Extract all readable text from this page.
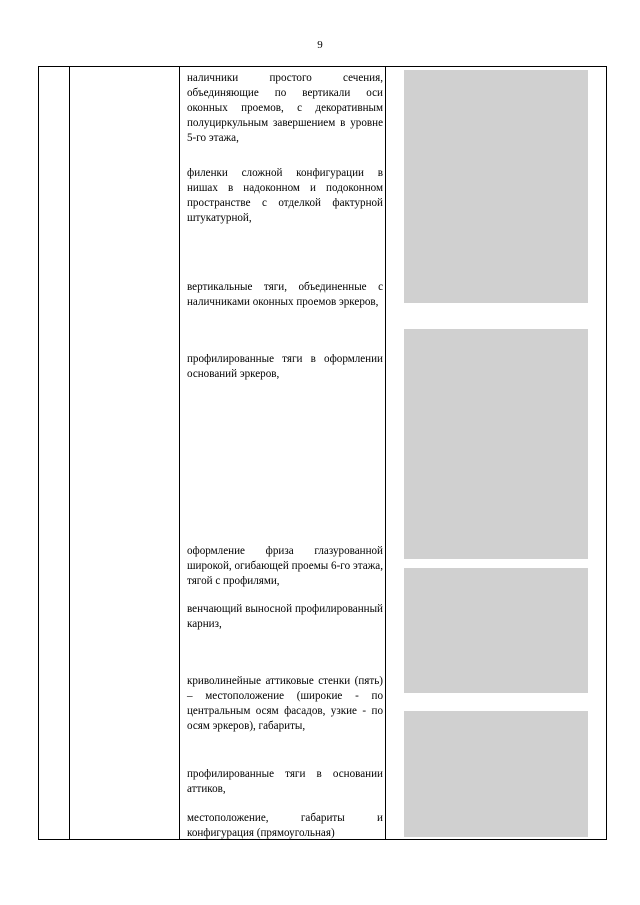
9
наличники простого сечения, объединяющие по вертикали оси оконных проемов, с декоративным полуциркульным завершением в уровне 5-го этажа,
филенки сложной конфигурации в нишах в надоконном и подоконном пространстве с отделкой фактурной штукатурной,
вертикальные тяги, объединенные с наличниками оконных проемов эркеров,
профилированные тяги в оформлении оснований эркеров,
оформление фриза глазурованной широкой, огибающей проемы 6-го этажа, тягой с профилями,
венчающий выносной профилированный карниз,
криволинейные аттиковые стенки (пять) – местоположение (широкие - по центральным осям фасадов, узкие - по осям эркеров), габариты,
профилированные тяги в основании аттиков,
местоположение, габариты и конфигурация (прямоугольная)
